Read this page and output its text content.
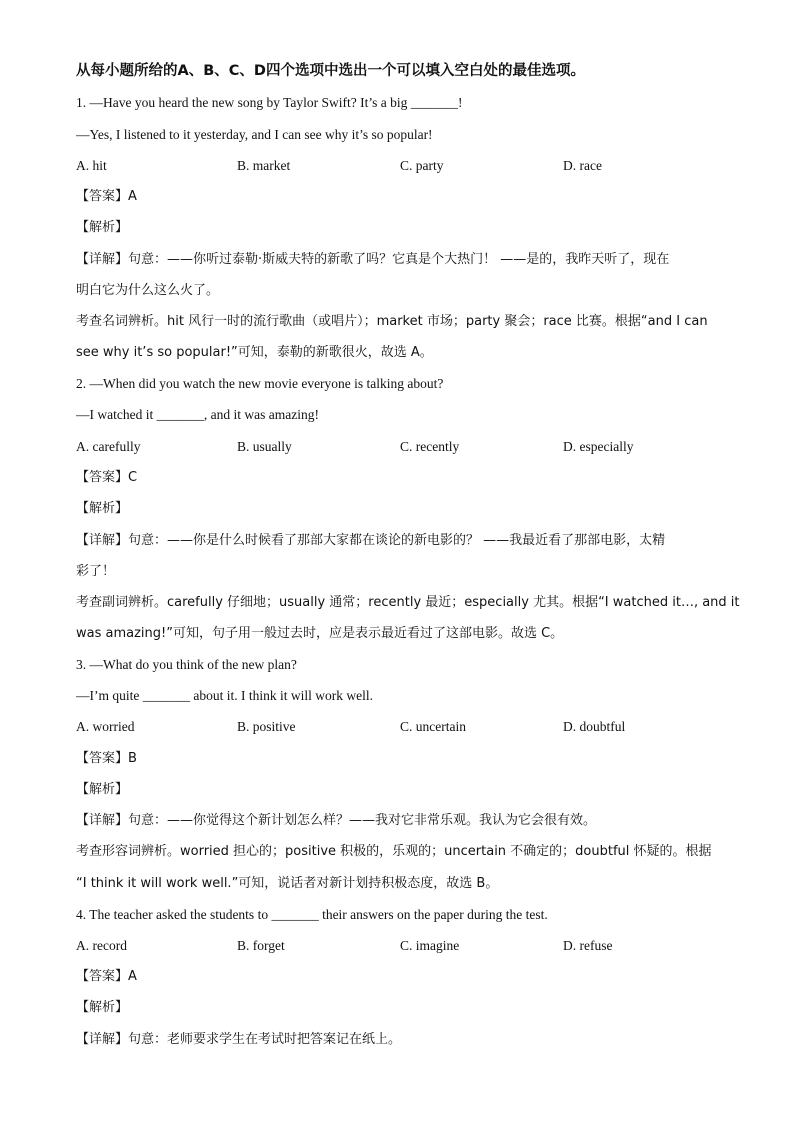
从每小题所给的A、B、C、D四个选项中选出一个可以填入空白处的最佳选项。
1. —Have you heard the new song by Taylor Swift? It’s a big _______!
—Yes, I listened to it yesterday, and I can see why it’s so popular!
A. hit	B. market	C. party	D. race
【答案】A
【解析】
【详解】句意：——你听过泰勒·斯威夫特的新歌了吗？它真是个大热门！ ——是的，我昨天听了，现在
明白它为什么这么火了。
考查名词辨析。hit 风行一时的流行歌曲（或唱片）；market 市场；party 聚会；race 比赛。根据“and I can
see why it’s so popular!”可知，泰勒的新歌很火，故选 A。
2. —When did you watch the new movie everyone is talking about?
—I watched it _______, and it was amazing!
A. carefully	B. usually	C. recently	D. especially
【答案】C
【解析】
【详解】句意：——你是什么时候看了那部大家都在谈论的新电影的？ ——我最近看了那部电影，太精
彩了！
考查副词辨析。carefully 仔细地；usually 通常；recently 最近；especially 尤其。根据“I watched it…, and it
was amazing!”可知，句子用一般过去时，应是表示最近看过了这部电影。故选 C。
3. —What do you think of the new plan?
—I’m quite _______ about it. I think it will work well.
A. worried	B. positive	C. uncertain	D. doubtful
【答案】B
【解析】
【详解】句意：——你觉得这个新计划怎么样？——我对它非常乐观。我认为它会很有效。
考查形容词辨析。worried 担心的；positive 积极的，乐观的；uncertain 不确定的；doubtful 怀疑的。根据
“I think it will work well.”可知，说话者对新计划持积极态度，故选 B。
4. The teacher asked the students to _______ their answers on the paper during the test.
A. record	B. forget	C. imagine	D. refuse
【答案】A
【解析】
【详解】句意：老师要求学生在考试时把答案记在纸上。
